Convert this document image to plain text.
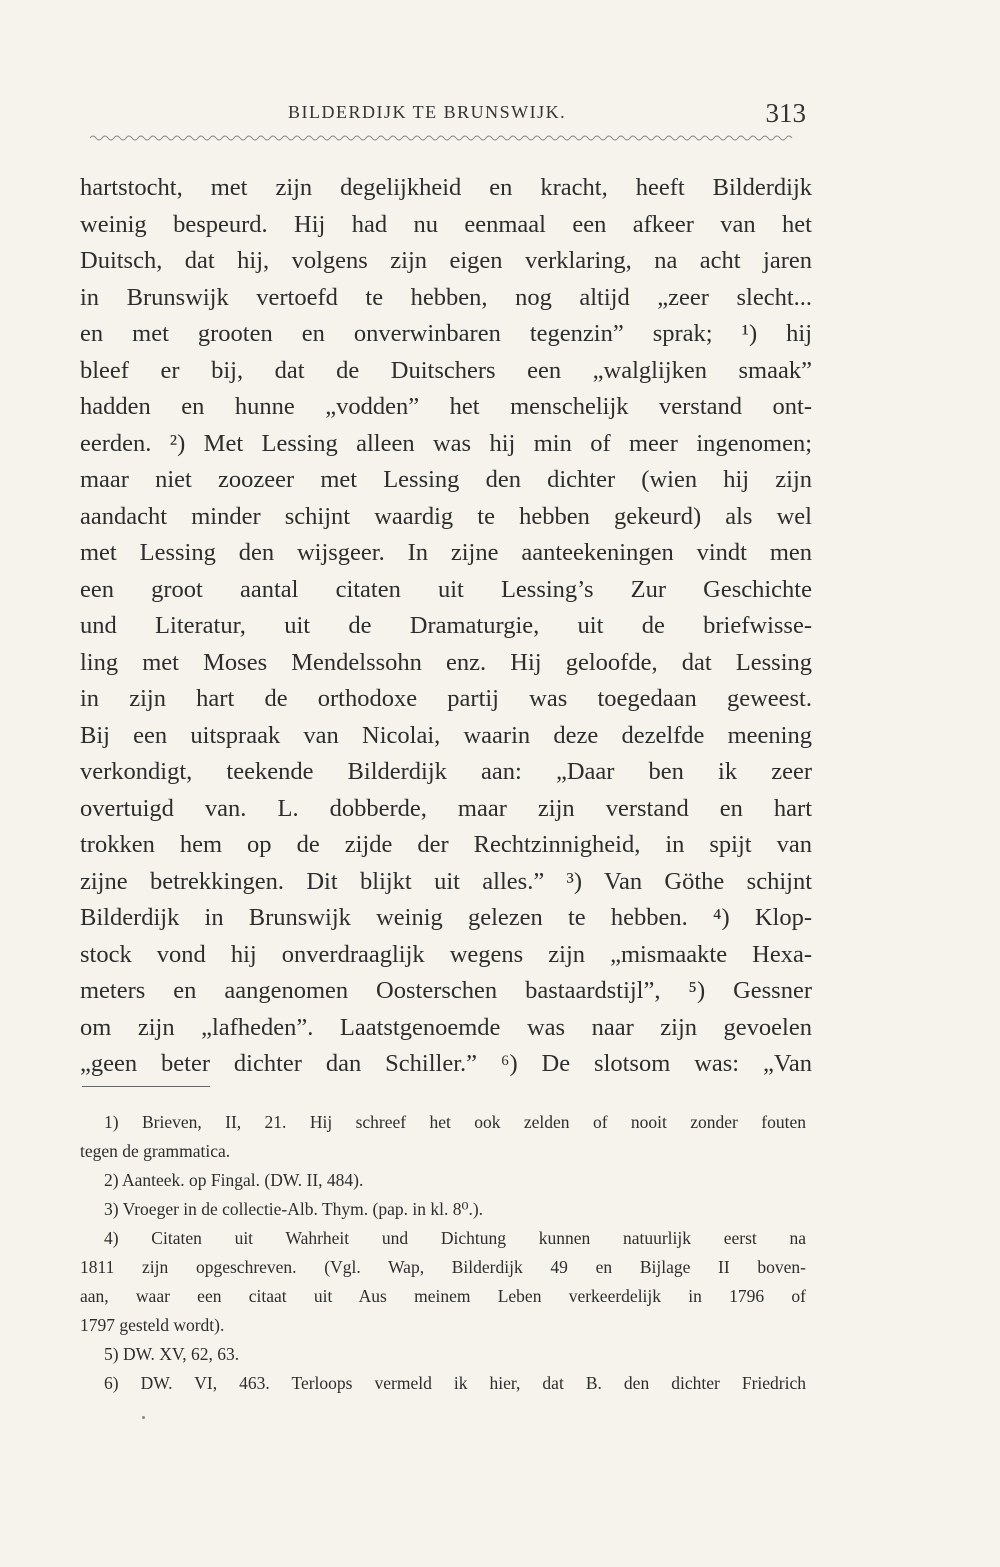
BILDERDIJK TE BRUNSWIJK.	313
hartstocht, met zijn degelijkheid en kracht, heeft Bilderdijk
weinig bespeurd. Hij had nu eenmaal een afkeer van het
Duitsch, dat hij, volgens zijn eigen verklaring, na acht jaren
in Brunswijk vertoefd te hebben, nog altijd „zeer slecht...
en met grooten en onverwinbaren tegenzin” sprak; ¹) hij
bleef er bij, dat de Duitschers een „walglijken smaak”
hadden en hunne „vodden” het menschelijk verstand ont-
eerden. ²) Met Lessing alleen was hij min of meer ingenomen;
maar niet zoozeer met Lessing den dichter (wien hij zijn
aandacht minder schijnt waardig te hebben gekeurd) als wel
met Lessing den wijsgeer. In zijne aanteekeningen vindt men
een groot aantal citaten uit Lessing’s Zur Geschichte
und Literatur, uit de Dramaturgie, uit de briefwisse-
ling met Moses Mendelssohn enz. Hij geloofde, dat Lessing
in zijn hart de orthodoxe partij was toegedaan geweest.
Bij een uitspraak van Nicolai, waarin deze dezelfde meening
verkondigt, teekende Bilderdijk aan: „Daar ben ik zeer
overtuigd van. L. dobberde, maar zijn verstand en hart
trokken hem op de zijde der Rechtzinnigheid, in spijt van
zijne betrekkingen. Dit blijkt uit alles.” ³) Van Göthe schijnt
Bilderdijk in Brunswijk weinig gelezen te hebben. ⁴) Klop-
stock vond hij onverdraaglijk wegens zijn „mismaakte Hexa-
meters en aangenomen Oosterschen bastaardstijl”, ⁵) Gessner
om zijn „lafheden”. Laatstgenoemde was naar zijn gevoelen
„geen beter dichter dan Schiller.” ⁶) De slotsom was: „Van
1) Brieven, II, 21. Hij schreef het ook zelden of nooit zonder fouten
tegen de grammatica.
2) Aanteek. op Fingal. (DW. II, 484).
3) Vroeger in de collectie-Alb. Thym. (pap. in kl. 8⁰.).
4) Citaten uit Wahrheit und Dichtung kunnen natuurlijk eerst na
1811 zijn opgeschreven. (Vgl. Wap, Bilderdijk 49 en Bijlage II boven-
aan, waar een citaat uit Aus meinem Leben verkeerdelijk in 1796 of
1797 gesteld wordt).
5) DW. XV, 62, 63.
6) DW. VI, 463. Terloops vermeld ik hier, dat B. den dichter Friedrich
